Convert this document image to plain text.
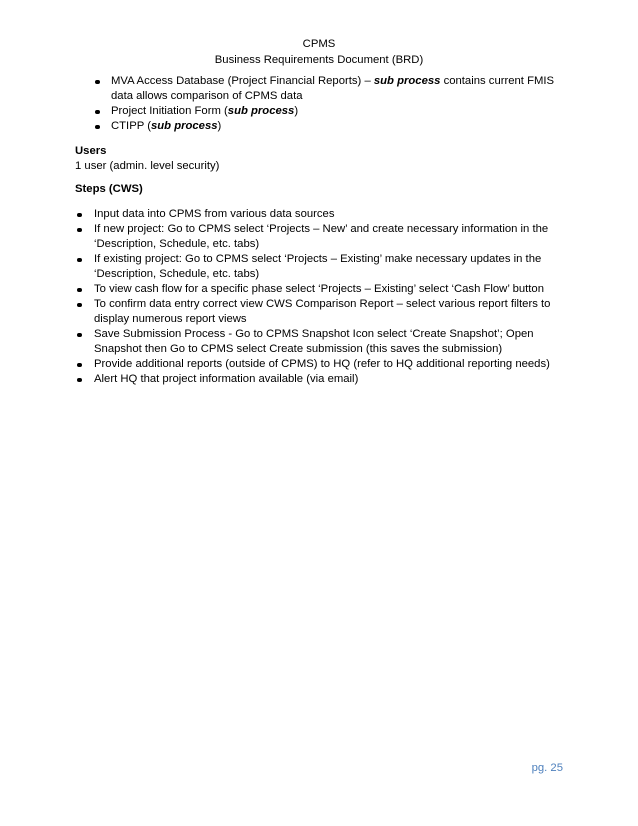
CPMS
Business Requirements Document (BRD)
MVA Access Database (Project Financial Reports) – sub process contains current FMIS data allows comparison of CPMS data
Project Initiation Form (sub process)
CTIPP (sub process)
Users
1 user (admin. level security)
Steps (CWS)
Input data into CPMS from various data sources
If new project: Go to CPMS select ‘Projects – New’ and create necessary information in the ‘Description, Schedule, etc. tabs)
If existing project: Go to CPMS select ‘Projects – Existing’ make necessary updates in the ‘Description, Schedule, etc. tabs)
To view cash flow for a specific phase select ‘Projects – Existing’ select ‘Cash Flow’ button
To confirm data entry correct view CWS Comparison Report – select various report filters to display numerous report views
Save Submission Process - Go to CPMS Snapshot Icon select ‘Create Snapshot’; Open Snapshot then Go to CPMS select Create submission (this saves the submission)
Provide additional reports (outside of CPMS) to HQ (refer to HQ additional reporting needs)
Alert HQ that project information available (via email)
pg. 25
